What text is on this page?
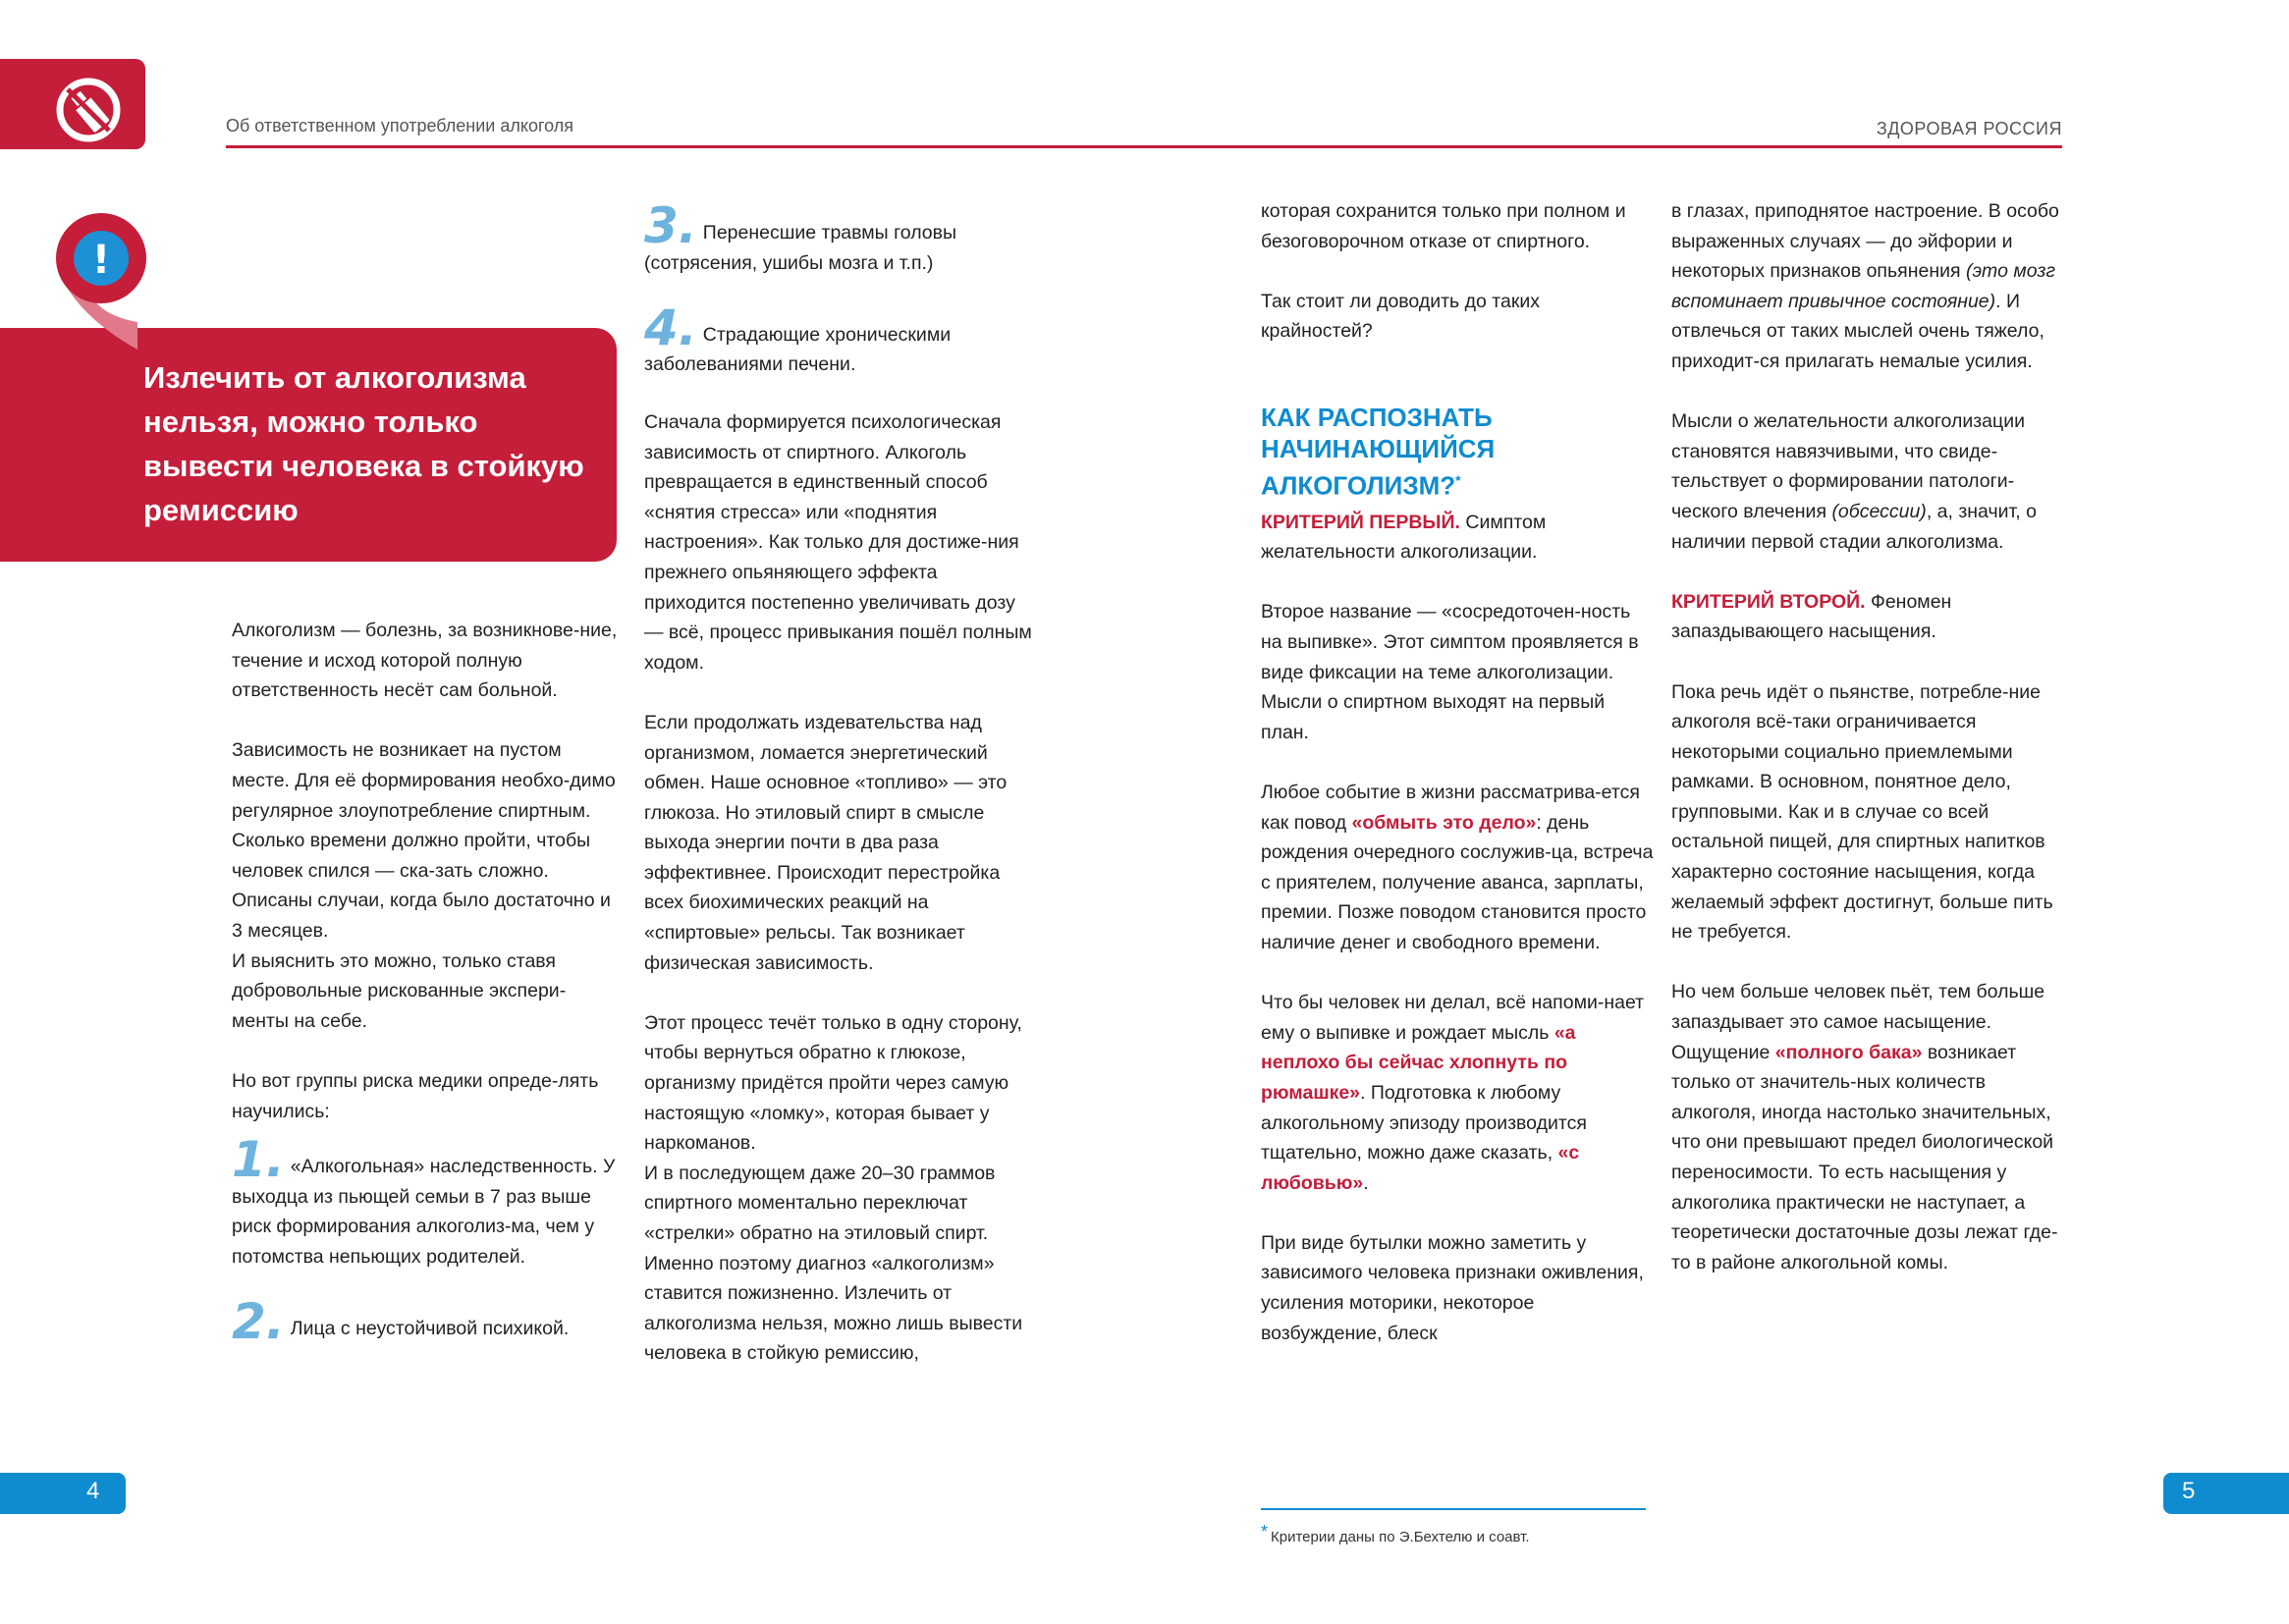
Об ответственном употреблении алкоголя	ЗДОРОВАЯ РОССИЯ
!
Излечить от алкоголизма нельзя, можно только вывести человека в стойкую ремиссию

Алкоголизм — болезнь, за возникнове-ние, течение и исход которой полную ответственность несёт сам больной.

Зависимость не возникает на пустом месте. Для её формирования необхо-димо регулярное злоупотребление спиртным. Сколько времени должно пройти, чтобы человек спился — ска-зать сложно. Описаны случаи, когда было достаточно и 3 месяцев.

И выяснить это можно, только ставя добровольные рискованные экспери-менты на себе.

Но вот группы риска медики опреде-лять научились:

1. «Алкогольная» наследственность. У выходца из пьющей семьи в 7 раз выше риск формирования алкоголиз-ма, чем у потомства непьющих родителей.

2. Лица с неустойчивой психикой.

3. Перенесшие травмы головы (сотрясения, ушибы мозга и т.п.)

4. Страдающие хроническими заболеваниями печени.

Сначала формируется психологическая зависимость от спиртного. Алкоголь превращается в единственный способ «снятия стресса» или «поднятия настроения». Как только для достиже-ния прежнего опьяняющего эффекта приходится постепенно увеличивать дозу — всё, процесс привыкания пошёл полным ходом.

Если продолжать издевательства над организмом, ломается энергетический обмен. Наше основное «топливо» — это глюкоза. Но этиловый спирт в смысле выхода энергии почти в два раза эффективнее. Происходит перестройка всех биохимических реакций на «спиртовые» рельсы. Так возникает физическая зависимость.

Этот процесс течёт только в одну сторону, чтобы вернуться обратно к глюкозе, организму придётся пройти через самую настоящую «ломку», которая бывает у наркоманов.

И в последующем даже 20–30 граммов спиртного моментально переключат «стрелки» обратно на этиловый спирт. Именно поэтому диагноз «алкоголизм» ставится пожизненно. Излечить от алкоголизма нельзя, можно лишь вывести человека в стойкую ремиссию,

которая сохранится только при полном и безоговорочном отказе от спиртного.

Так стоит ли доводить до таких крайностей?

КАК РАСПОЗНАТЬ НАЧИНАЮЩИЙСЯ АЛКОГОЛИЗМ?*

КРИТЕРИЙ ПЕРВЫЙ. Симптом желательности алкоголизации.

Второе название — «сосредоточен-ность на выпивке». Этот симптом проявляется в виде фиксации на теме алкоголизации. Мысли о спиртном выходят на первый план.

Любое событие в жизни рассматрива-ется как повод «обмыть это дело»: день рождения очередного сослужив-ца, встреча с приятелем, получение аванса, зарплаты, премии. Позже поводом становится просто наличие денег и свободного времени.

Что бы человек ни делал, всё напоми-нает ему о выпивке и рождает мысль «а неплохо бы сейчас хлопнуть по рюмашке». Подготовка к любому алкогольному эпизоду производится тщательно, можно даже сказать, «с любовью».

При виде бутылки можно заметить у зависимого человека признаки оживления, усиления моторики, некоторое возбуждение, блеск

в глазах, приподнятое настроение. В особо выраженных случаях — до эйфории и некоторых признаков опьянения (это мозг вспоминает привычное состояние). И отвлечься от таких мыслей очень тяжело, приходит-ся прилагать немалые усилия.

Мысли о желательности алкоголизации становятся навязчивыми, что свиде-тельствует о формировании патологи-ческого влечения (обсессии), а, значит, о наличии первой стадии алкоголизма.

КРИТЕРИЙ ВТОРОЙ. Феномен запаздывающего насыщения.

Пока речь идёт о пьянстве, потребле-ние алкоголя всё-таки ограничивается некоторыми социально приемлемыми рамками. В основном, понятное дело, групповыми. Как и в случае со всей остальной пищей, для спиртных напитков характерно состояние насыщения, когда желаемый эффект достигнут, больше пить не требуется.

Но чем больше человек пьёт, тем больше запаздывает это самое насыщение. Ощущение «полного бака» возникает только от значитель-ных количеств алкоголя, иногда настолько значительных, что они превышают предел биологической переносимости. То есть насыщения у алкоголика практически не наступает, а теоретически достаточные дозы лежат где-то в районе алкогольной комы.

4	5
* Критерии даны по Э.Бехтелю и соавт.
